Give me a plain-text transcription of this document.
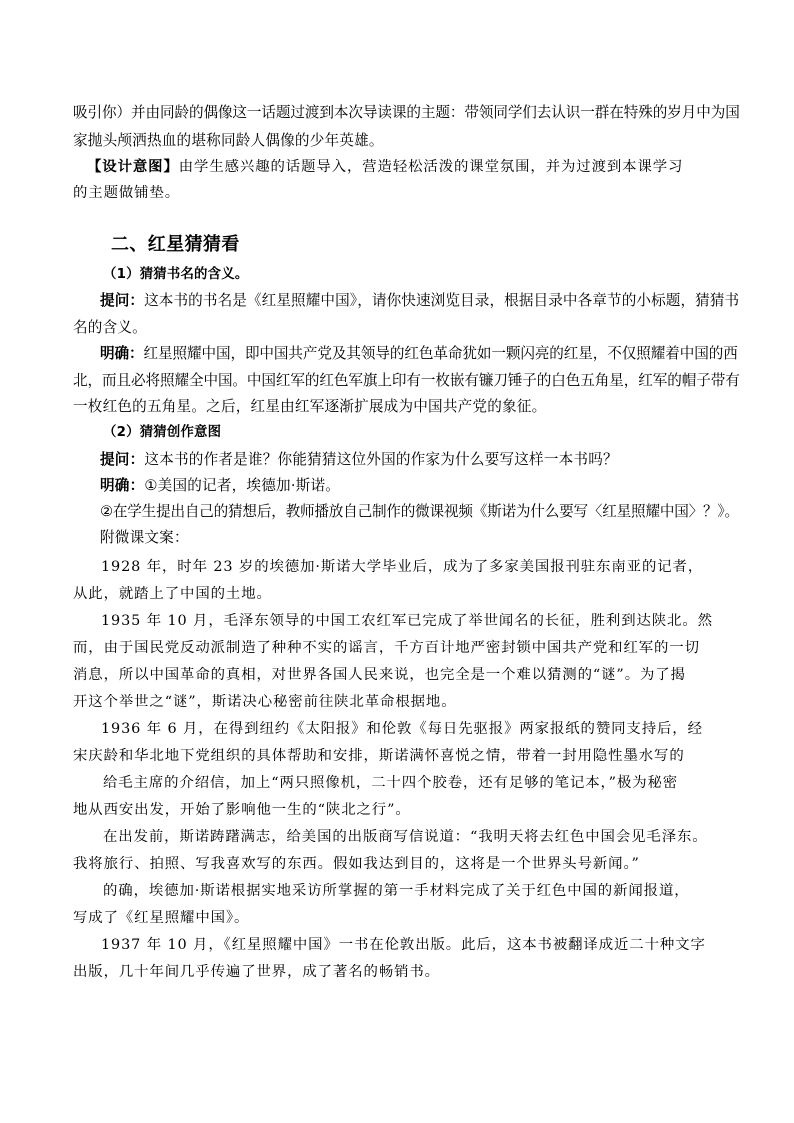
吸引你）并由同龄的偶像这一话题过渡到本次导读课的主题：带领同学们去认识一群在特殊的岁月中为国
家抛头颅洒热血的堪称同龄人偶像的少年英雄。
【设计意图】由学生感兴趣的话题导入，营造轻松活泼的课堂氛围，并为过渡到本课学习
的主题做铺垫。
二、红星猜猜看
（1）猜猜书名的含义。
提问：这本书的书名是《红星照耀中国》，请你快速浏览目录，根据目录中各章节的小标题，猜猜书
名的含义。
明确：红星照耀中国，即中国共产党及其领导的红色革命犹如一颗闪亮的红星，不仅照耀着中国的西
北，而且必将照耀全中国。中国红军的红色军旗上印有一枚嵌有镰刀锤子的白色五角星，红军的帽子带有
一枚红色的五角星。之后，红星由红军逐渐扩展成为中国共产党的象征。
（2）猜猜创作意图
提问：这本书的作者是谁？你能猜猜这位外国的作家为什么要写这样一本书吗？
明确：①美国的记者，埃德加·斯诺。
②在学生提出自己的猜想后，教师播放自己制作的微课视频《斯诺为什么要写〈红星照耀中国〉？》。
附微课文案：
1928 年，时年 23 岁的埃德加·斯诺大学毕业后，成为了多家美国报刊驻东南亚的记者，
从此，就踏上了中国的土地。
1935 年 10 月，毛泽东领导的中国工农红军已完成了举世闻名的长征，胜利到达陕北。然
而，由于国民党反动派制造了种种不实的谣言，千方百计地严密封锁中国共产党和红军的一切
消息，所以中国革命的真相，对世界各国人民来说，也完全是一个难以猜测的“谜”。为了揭
开这个举世之“谜”，斯诺决心秘密前往陕北革命根据地。
1936 年 6 月，在得到纽约《太阳报》和伦敦《每日先驱报》两家报纸的赞同支持后，经
宋庆龄和华北地下党组织的具体帮助和安排，斯诺满怀喜悦之情，带着一封用隐性墨水写的
给毛主席的介绍信，加上“两只照像机，二十四个胶卷，还有足够的笔记本，”极为秘密
地从西安出发，开始了影响他一生的“陕北之行”。
在出发前，斯诺踌躇满志，给美国的出版商写信说道：“我明天将去红色中国会见毛泽东。
我将旅行、拍照、写我喜欢写的东西。假如我达到目的，这将是一个世界头号新闻。”
的确，埃德加·斯诺根据实地采访所掌握的第一手材料完成了关于红色中国的新闻报道，
写成了《红星照耀中国》。
1937 年 10 月，《红星照耀中国》一书在伦敦出版。此后，这本书被翻译成近二十种文字
出版，几十年间几乎传遍了世界，成了著名的畅销书。
